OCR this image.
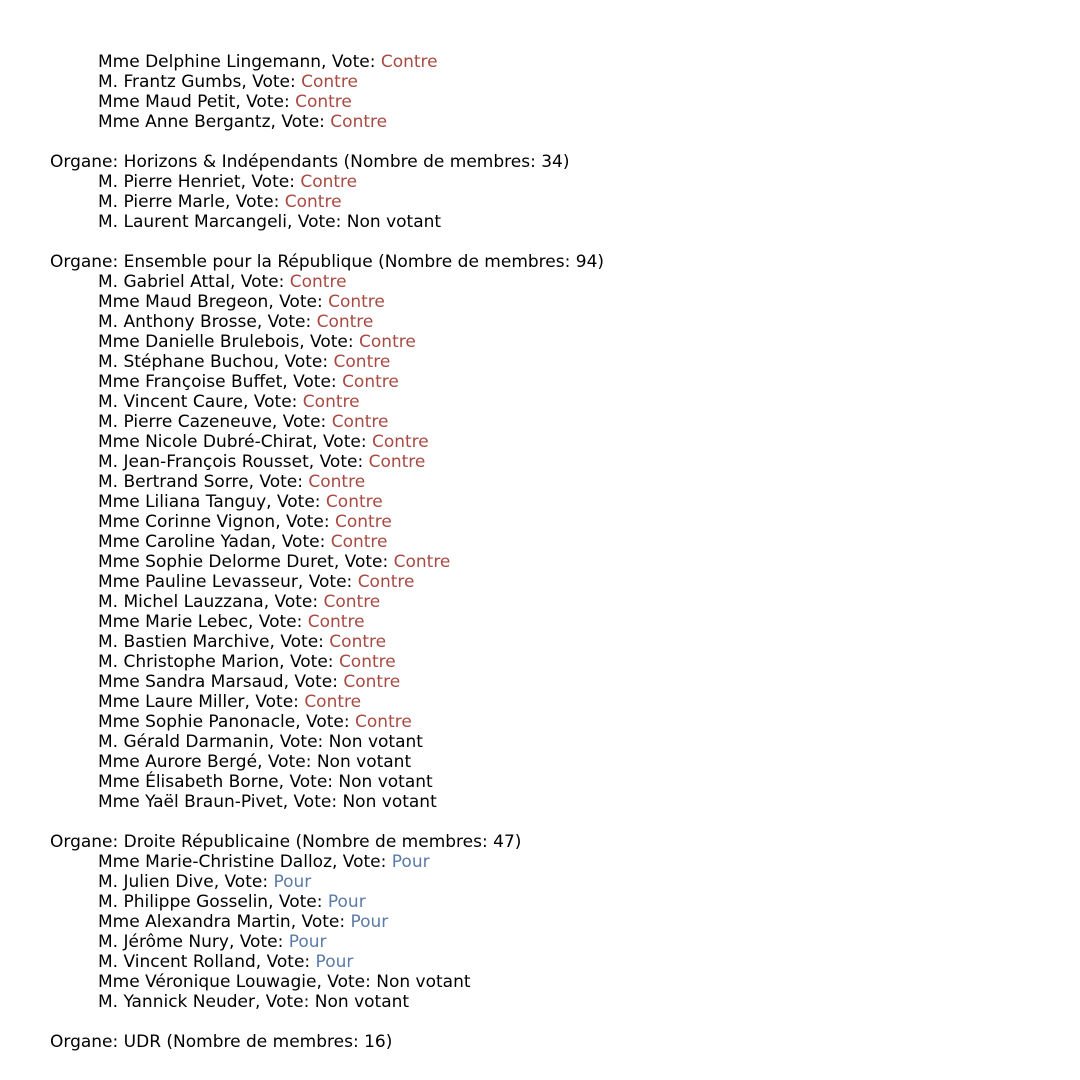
Mme Delphine Lingemann, Vote: Contre
M. Frantz Gumbs, Vote: Contre
Mme Maud Petit, Vote: Contre
Mme Anne Bergantz, Vote: Contre
Organe: Horizons & Indépendants (Nombre de membres: 34)
M. Pierre Henriet, Vote: Contre
M. Pierre Marle, Vote: Contre
M. Laurent Marcangeli, Vote: Non votant
Organe: Ensemble pour la République (Nombre de membres: 94)
M. Gabriel Attal, Vote: Contre
Mme Maud Bregeon, Vote: Contre
M. Anthony Brosse, Vote: Contre
Mme Danielle Brulebois, Vote: Contre
M. Stéphane Buchou, Vote: Contre
Mme Françoise Buffet, Vote: Contre
M. Vincent Caure, Vote: Contre
M. Pierre Cazeneuve, Vote: Contre
Mme Nicole Dubré-Chirat, Vote: Contre
M. Jean-François Rousset, Vote: Contre
M. Bertrand Sorre, Vote: Contre
Mme Liliana Tanguy, Vote: Contre
Mme Corinne Vignon, Vote: Contre
Mme Caroline Yadan, Vote: Contre
Mme Sophie Delorme Duret, Vote: Contre
Mme Pauline Levasseur, Vote: Contre
M. Michel Lauzzana, Vote: Contre
Mme Marie Lebec, Vote: Contre
M. Bastien Marchive, Vote: Contre
M. Christophe Marion, Vote: Contre
Mme Sandra Marsaud, Vote: Contre
Mme Laure Miller, Vote: Contre
Mme Sophie Panonacle, Vote: Contre
M. Gérald Darmanin, Vote: Non votant
Mme Aurore Bergé, Vote: Non votant
Mme Élisabeth Borne, Vote: Non votant
Mme Yaël Braun-Pivet, Vote: Non votant
Organe: Droite Républicaine (Nombre de membres: 47)
Mme Marie-Christine Dalloz, Vote: Pour
M. Julien Dive, Vote: Pour
M. Philippe Gosselin, Vote: Pour
Mme Alexandra Martin, Vote: Pour
M. Jérôme Nury, Vote: Pour
M. Vincent Rolland, Vote: Pour
Mme Véronique Louwagie, Vote: Non votant
M. Yannick Neuder, Vote: Non votant
Organe: UDR (Nombre de membres: 16)
